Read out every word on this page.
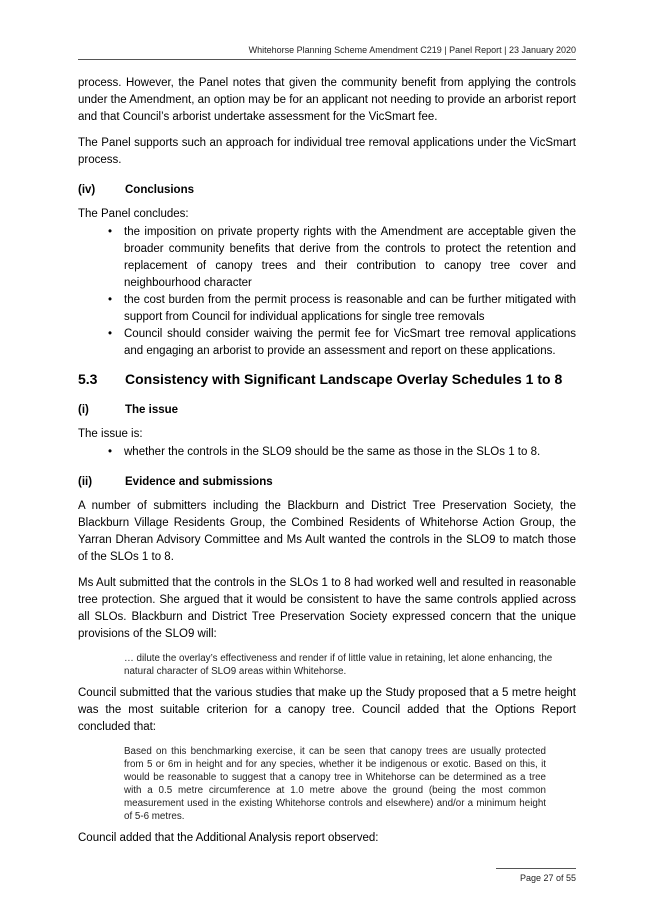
Whitehorse Planning Scheme Amendment C219 | Panel Report | 23 January 2020

process. However, the Panel notes that given the community benefit from applying the controls under the Amendment, an option may be for an applicant not needing to provide an arborist report and that Council’s arborist undertake assessment for the VicSmart fee.

The Panel supports such an approach for individual tree removal applications under the VicSmart process.

(iv)	Conclusions

The Panel concludes:

• the imposition on private property rights with the Amendment are acceptable given the broader community benefits that derive from the controls to protect the retention and replacement of canopy trees and their contribution to canopy tree cover and neighbourhood character
• the cost burden from the permit process is reasonable and can be further mitigated with support from Council for individual applications for single tree removals
• Council should consider waiving the permit fee for VicSmart tree removal applications and engaging an arborist to provide an assessment and report on these applications.
5.3	Consistency with Significant Landscape Overlay Schedules 1 to 8
(i)	The issue

The issue is:

• whether the controls in the SLO9 should be the same as those in the SLOs 1 to 8.
(ii)	Evidence and submissions

A number of submitters including the Blackburn and District Tree Preservation Society, the Blackburn Village Residents Group, the Combined Residents of Whitehorse Action Group, the Yarran Dheran Advisory Committee and Ms Ault wanted the controls in the SLO9 to match those of the SLOs 1 to 8.

Ms Ault submitted that the controls in the SLOs 1 to 8 had worked well and resulted in reasonable tree protection. She argued that it would be consistent to have the same controls applied across all SLOs. Blackburn and District Tree Preservation Society expressed concern that the unique provisions of the SLO9 will:

… dilute the overlay’s effectiveness and render if of little value in retaining, let alone enhancing, the natural character of SLO9 areas within Whitehorse.

Council submitted that the various studies that make up the Study proposed that a 5 metre height was the most suitable criterion for a canopy tree. Council added that the Options Report concluded that:

Based on this benchmarking exercise, it can be seen that canopy trees are usually protected from 5 or 6m in height and for any species, whether it be indigenous or exotic. Based on this, it would be reasonable to suggest that a canopy tree in Whitehorse can be determined as a tree with a 0.5 metre circumference at 1.0 metre above the ground (being the most common measurement used in the existing Whitehorse controls and elsewhere) and/or a minimum height of 5-6 metres.

Council added that the Additional Analysis report observed:

Page 27 of 55
